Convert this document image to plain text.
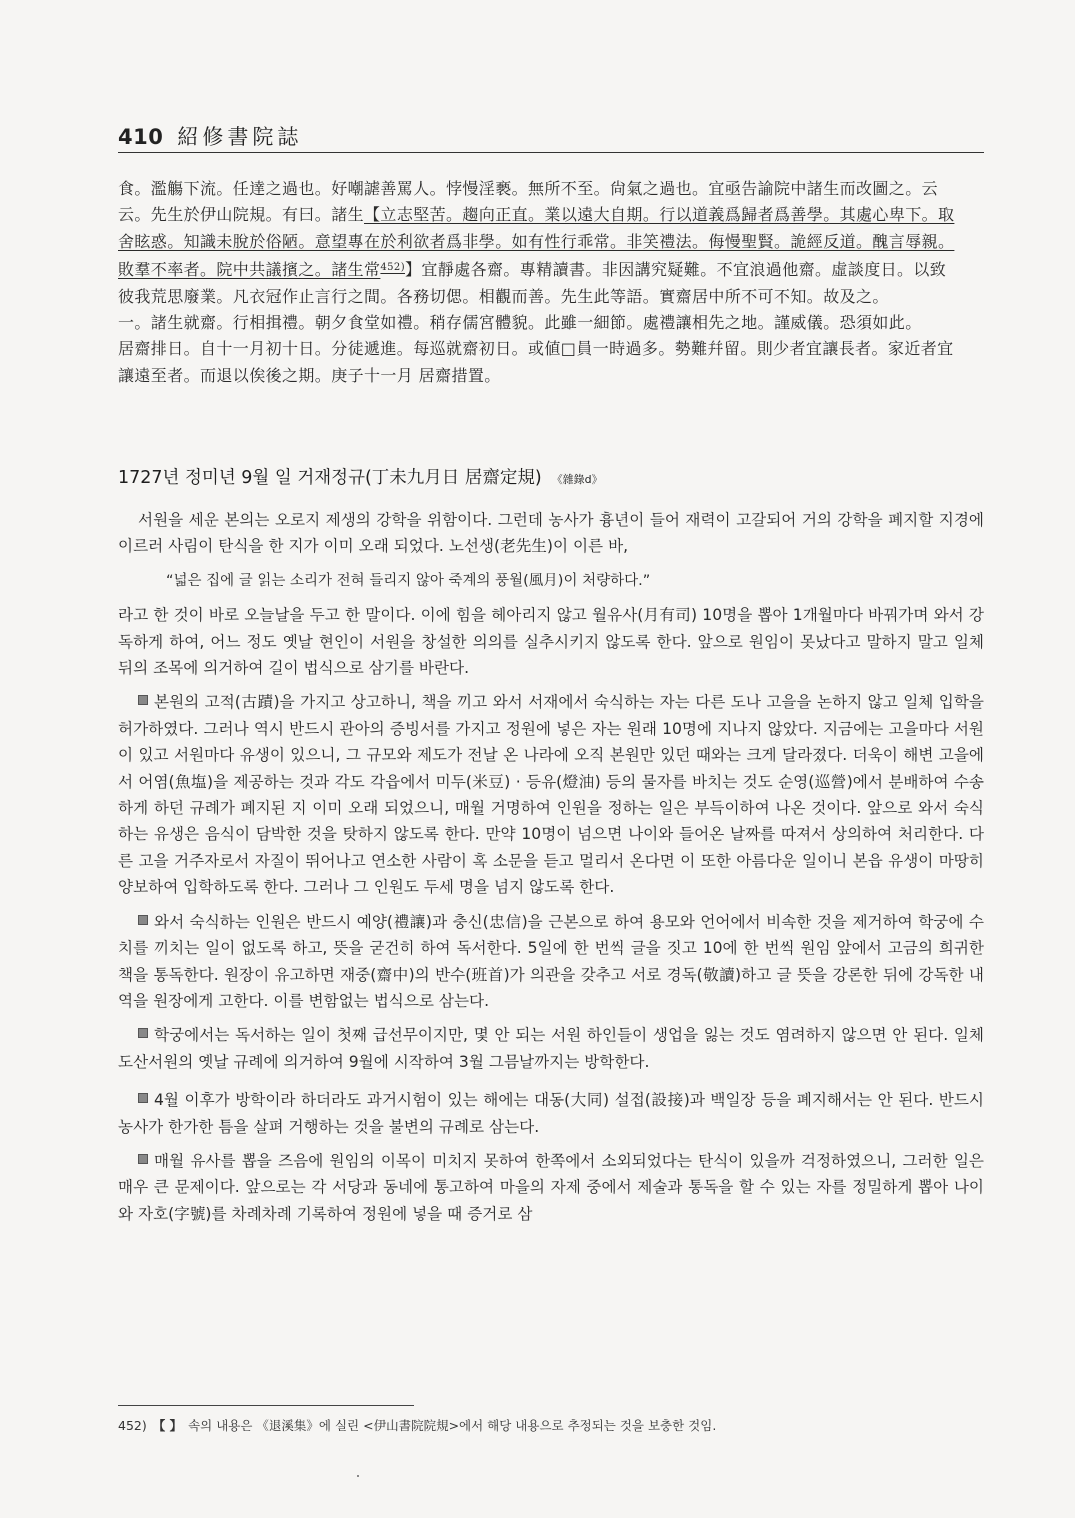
410 紹修書院誌

食。濫觴下流。任達之過也。好嘲謔善罵人。悖慢淫褻。無所不至。尙氣之過也。宜亟告諭院中諸生而改圖之。云

云。先生於伊山院規。有曰。諸生【立志堅苦。趨向正直。業以遠大自期。行以道義爲歸者爲善學。其處心卑下。取

舍眩惑。知識未脫於俗陋。意望專在於利欲者爲非學。如有性行乖常。非笑禮法。侮慢聖賢。詭經反道。醜言辱親。

敗羣不率者。院中共議擯之。諸生常$^{452)}$】宜靜處各齋。專精讀書。非因講究疑難。不宜浪過他齋。虛談度日。以致

彼我荒思廢業。凡衣冠作止言行之間。各務切偲。相觀而善。先生此等語。實齋居中所不可不知。故及之。

一。諸生就齋。行相揖禮。朝夕食堂如禮。稍存儒宮體貌。此雖一細節。處禮讓相先之地。謹威儀。恐須如此。

居齋排日。自十一月初十日。分徒遞進。每巡就齋初日。或値□員一時過多。勢難幷留。則少者宜讓長者。家近者宜

讓遠至者。而退以俟後之期。庚子十一月 居齋措置。

1727년 정미년 9월 일 거재정규(丁未九月日 居齋定規) 《雜錄d》

서원을 세운 본의는 오로지 제생의 강학을 위함이다. 그런데 농사가 흉년이 들어 재력이 고갈되어 거의 강학을 폐지할 지경에 이르러 사림이 탄식을 한 지가 이미 오래 되었다. 노선생(老先生)이 이른 바,

“넓은 집에 글 읽는 소리가 전혀 들리지 않아 죽계의 풍월(風月)이 처량하다.”

라고 한 것이 바로 오늘날을 두고 한 말이다. 이에 힘을 헤아리지 않고 월유사(月有司) 10명을 뽑아 1개월마다 바꿔가며 와서 강독하게 하여, 어느 정도 옛날 현인이 서원을 창설한 의의를 실추시키지 않도록 한다. 앞으로 원임이 못났다고 말하지 말고 일체 뒤의 조목에 의거하여 길이 법식으로 삼기를 바란다.

본원의 고적(古蹟)을 가지고 상고하니, 책을 끼고 와서 서재에서 숙식하는 자는 다른 도나 고을을 논하지 않고 일체 입학을 허가하였다. 그러나 역시 반드시 관아의 증빙서를 가지고 정원에 넣은 자는 원래 10명에 지나지 않았다. 지금에는 고을마다 서원이 있고 서원마다 유생이 있으니, 그 규모와 제도가 전날 온 나라에 오직 본원만 있던 때와는 크게 달라졌다. 더욱이 해변 고을에서 어염(魚塩)을 제공하는 것과 각도 각읍에서 미두(米豆) · 등유(燈油) 등의 물자를 바치는 것도 순영(巡營)에서 분배하여 수송하게 하던 규례가 폐지된 지 이미 오래 되었으니, 매월 거명하여 인원을 정하는 일은 부득이하여 나온 것이다. 앞으로 와서 숙식하는 유생은 음식이 담박한 것을 탓하지 않도록 한다. 만약 10명이 넘으면 나이와 들어온 날짜를 따져서 상의하여 처리한다. 다른 고을 거주자로서 자질이 뛰어나고 연소한 사람이 혹 소문을 듣고 멀리서 온다면 이 또한 아름다운 일이니 본읍 유생이 마땅히 양보하여 입학하도록 한다. 그러나 그 인원도 두세 명을 넘지 않도록 한다.

와서 숙식하는 인원은 반드시 예양(禮讓)과 충신(忠信)을 근본으로 하여 용모와 언어에서 비속한 것을 제거하여 학궁에 수치를 끼치는 일이 없도록 하고, 뜻을 굳건히 하여 독서한다. 5일에 한 번씩 글을 짓고 10에 한 번씩 원임 앞에서 고금의 희귀한 책을 통독한다. 원장이 유고하면 재중(齋中)의 반수(班首)가 의관을 갖추고 서로 경독(敬讀)하고 글 뜻을 강론한 뒤에 강독한 내역을 원장에게 고한다. 이를 변함없는 법식으로 삼는다.

학궁에서는 독서하는 일이 첫째 급선무이지만, 몇 안 되는 서원 하인들이 생업을 잃는 것도 염려하지 않으면 안 된다. 일체 도산서원의 옛날 규례에 의거하여 9월에 시작하여 3월 그믐날까지는 방학한다.

4월 이후가 방학이라 하더라도 과거시험이 있는 해에는 대동(大同) 설접(設接)과 백일장 등을 폐지해서는 안 된다. 반드시 농사가 한가한 틈을 살펴 거행하는 것을 불변의 규례로 삼는다.

매월 유사를 뽑을 즈음에 원임의 이목이 미치지 못하여 한쪽에서 소외되었다는 탄식이 있을까 걱정하였으니, 그러한 일은 매우 큰 문제이다. 앞으로는 각 서당과 동네에 통고하여 마을의 자제 중에서 제술과 통독을 할 수 있는 자를 정밀하게 뽑아 나이와 자호(字號)를 차례차례 기록하여 정원에 넣을 때 증거로 삼

452) 【 】 속의 내용은 《退溪集》에 실린 <伊山書院院規>에서 해당 내용으로 추정되는 것을 보충한 것임.
